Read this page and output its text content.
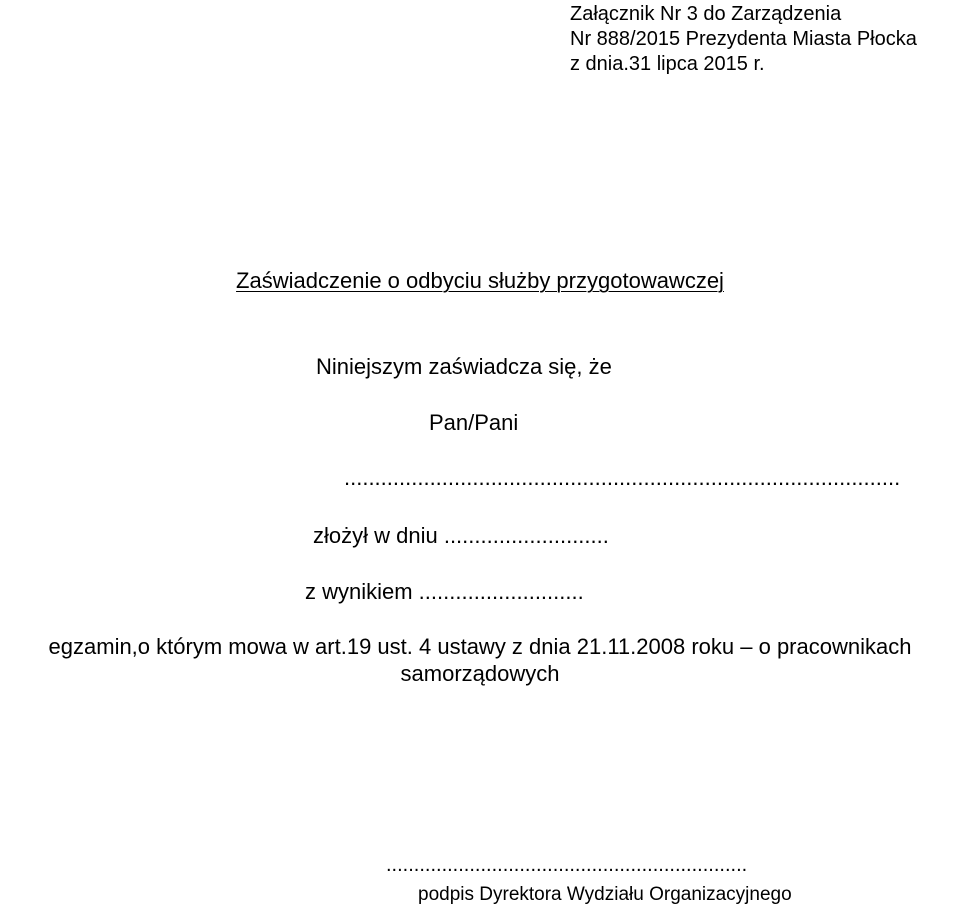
Załącznik Nr 3 do Zarządzenia
Nr 888/2015 Prezydenta Miasta Płocka
z dnia.31 lipca 2015 r.
Zaświadczenie o odbyciu służby przygotowawczej
Niniejszym zaświadcza się, że
Pan/Pani
...........................................................................................
złożył w dniu ...........................
z wynikiem ...........................
egzamin,o którym mowa w art.19 ust. 4 ustawy z dnia 21.11.2008 roku – o pracownikach
samorządowych
.................................................................
podpis Dyrektora Wydziału Organizacyjnego
